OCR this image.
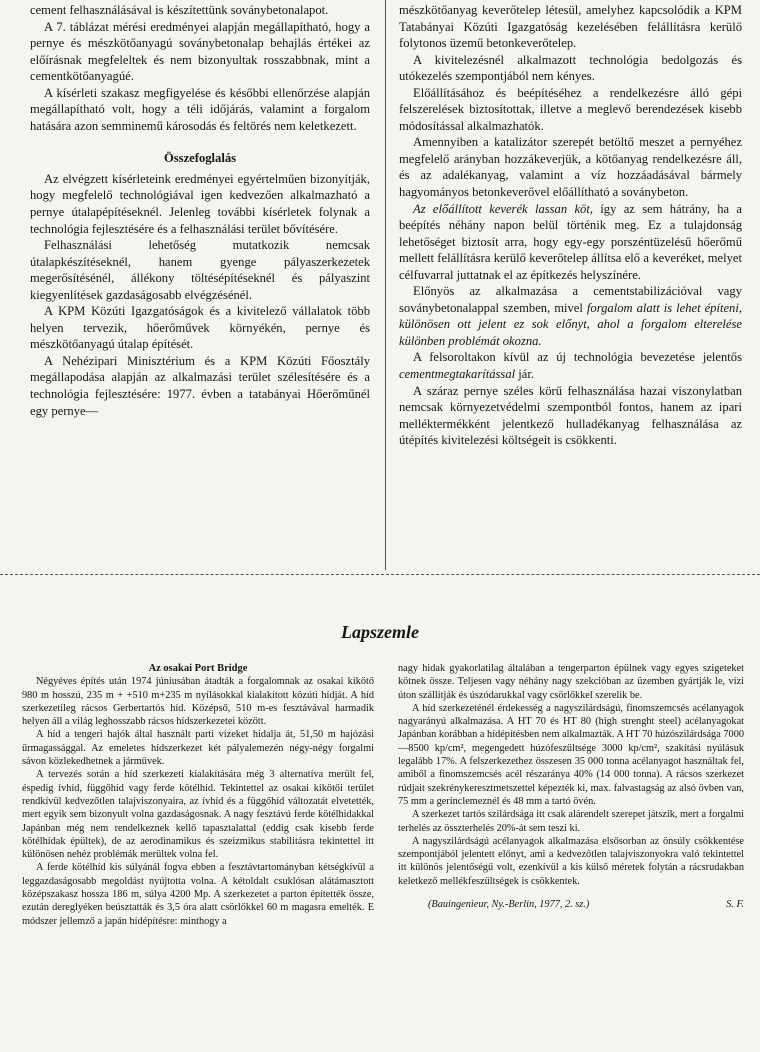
cement felhasználásával is készítettünk soványbetonalapot.

A 7. táblázat mérési eredményei alapján megállapítható, hogy a pernye és mészkötőanyagú soványbetonalap behajlás értékei az előírásnak megfeleltek és nem bizonyultak rosszabbnak, mint a cementkötőanyagúé.

A kísérleti szakasz megfigyelése és későbbi ellenőrzése alapján megállapítható volt, hogy a téli időjárás, valamint a forgalom hatására azon semminemű károsodás és feltörés nem keletkezett.

Összefoglalás

Az elvégzett kísérleteink eredményei egyértelműen bizonyítják, hogy megfelelő technológiával igen kedvezően alkalmazható a pernye útalapépítéseknél. Jelenleg további kísérletek folynak a technológia fejlesztésére és a felhasználási terület bővítésére.

Felhasználási lehetőség mutatkozik nemcsak útalapkészítéseknél, hanem gyenge pályaszerkezetek megerősítésénél, állékony töltésépítéseknél és pályaszint kiegyenlítések gazdaságosabb elvégzésénél.

A KPM Közúti Igazgatóságok és a kivitelező vállalatok több helyen tervezik, hőerőművek környékén, pernye és mészkötőanyagú útalap építését.

A Nehézipari Minisztérium és a KPM Közúti Főosztály megállapodása alapján az alkalmazási terület szélesítésére és a technológia fejlesztésére: 1977. évben a tatabányai Hőerőműnél egy pernye—

mészkötőanyag keverőtelep létesül, amelyhez kapcsolódik a KPM Tatabányai Közúti Igazgatóság kezelésében felállításra kerülő folytonos üzemű betonkeverőtelep.

A kivitelezésnél alkalmazott technológia bedolgozás és utókezelés szempontjából nem kényes.

Előállításához és beépítéséhez a rendelkezésre álló gépi felszerelések biztosítottak, illetve a meglevő berendezések kisebb módosítással alkalmazhatók.

Amennyiben a katalizátor szerepét betöltő meszet a pernyéhez megfelelő arányban hozzákeverjük, a kötőanyag rendelkezésre áll, és az adalékanyag, valamint a víz hozzáadásával bármely hagyományos betonkeverővel előállítható a soványbeton.

Az előállított keverék lassan köt, így az sem hátrány, ha a beépítés néhány napon belül történik meg. Ez a tulajdonság lehetőséget biztosít arra, hogy egy-egy porszéntüzelésű hőerőmű mellett felállításra kerülő keverőtelep állítsa elő a keveréket, melyet célfuvarral juttatnak el az építkezés helyszínére.

Előnyös az alkalmazása a cementstabilizációval vagy soványbetonalappal szemben, mivel forgalom alatt is lehet építeni, különösen ott jelent ez sok előnyt, ahol a forgalom elterelése különben problémát okozna.

A felsoroltakon kívül az új technológia bevezetése jelentős cementmegtakarítással jár.

A száraz pernye széles körű felhasználása hazai viszonylatban nemcsak környezetvédelmi szempontból fontos, hanem az ipari melléktermékként jelentkező hulladékanyag felhasználása az útépítés kivitelezési költségeit is csökkenti.

Lapszemle

Az osakai Port Bridge

Négyéves építés után 1974 júniusában átadták a forgalomnak az osakai kikötő 980 m hosszú, 235 m + +510 m+235 m nyílásokkal kialakított közúti hídját. A híd szerkezetileg rácsos Gerbertartós híd. Középső, 510 m-es fesztávával harmadik helyen áll a világ leghosszabb rácsos hídszerkezetei között.

A híd a tengeri hajók által használt parti vízeket hidalja át, 51,50 m hajózási űrmagassággal. Az emeletes hídszerkezet két pályalemezén négy-négy forgalmi sávon közlekedhetnek a járművek.

A tervezés során a híd szerkezeti kialakítására még 3 alternatíva merült fel, éspedig ívhíd, függőhíd vagy ferde kötélhíd. Tekintettel az osakai kikötői terület rendkívül kedvezőtlen talajviszonyaira, az ívhíd és a függőhíd változatát elvetették, mert egyik sem bizonyult volna gazdaságosnak. A nagy fesztávú ferde kötélhidakkal Japánban még nem rendelkeznek kellő tapasztalattal (eddig csak kisebb ferde kötélhidak épültek), de az aerodinamikus és szeizmikus stabilitásra tekintettel itt különösen nehéz problémák merültek volna fel.

A ferde kötélhíd kis súlyánál fogva ebben a fesztávtartományban kétségkívül a leggazdaságosabb megoldást nyújtotta volna. A kétoldalt csuklósan alátámasztott középszakasz hossza 186 m, súlya 4200 Mp. A szerkezetet a parton építették össze, ezután dereglyéken beúsztatták és 3,5 óra alatt csörlőkkel 60 m magasra emelték. E módszer jellemző a japán hídépítésre: minthogy a

nagy hidak gyakorlatilag általában a tengerparton épülnek vagy egyes szigeteket kötnek össze. Teljesen vagy néhány nagy szekcióban az üzemben gyártják le, vízi úton szállítják és úszódarukkal vagy csörlőkkel szerelik be.

A híd szerkezeténél érdekesség a nagyszilárdságú, finomszemcsés acélanyagok nagyarányú alkalmazása. A HT 70 és HT 80 (high strenght steel) acélanyagokat Japánban korábban a hídépítésben nem alkalmazták. A HT 70 húzószilárdsága 7000—8500 kp/cm², megengedett húzófeszültsége 3000 kp/cm², szakítási nyúlásuk legalább 17%. A felszerkezethez összesen 35 000 tonna acélanyagot használtak fel, amiből a finomszemcsés acél részaránya 40% (14 000 tonna). A rácsos szerkezet rúdjait szekrénykeresztmetszettel képezték ki, max. falvastagság az alsó övben van, 75 mm a gerinclemeznél és 48 mm a tartó övén.

A szerkezet tartós szilárdsága itt csak alárendelt szerepet játszik, mert a forgalmi terhelés az összterhelés 20%-át sem teszi ki.

A nagyszilárdságú acélanyagok alkalmazása elsősorban az önsúly csökkentése szempontjából jelentett előnyt, ami a kedvezőtlen talajviszonyokra való tekintettel itt különös jelentőségű volt, ezenkívül a kis külső méretek folytán a rácsrudakban keletkező mellékfeszültségek is csökkentek.

(Bauingenieur, Ny.-Berlin, 1977, 2. sz.)	S. F.
